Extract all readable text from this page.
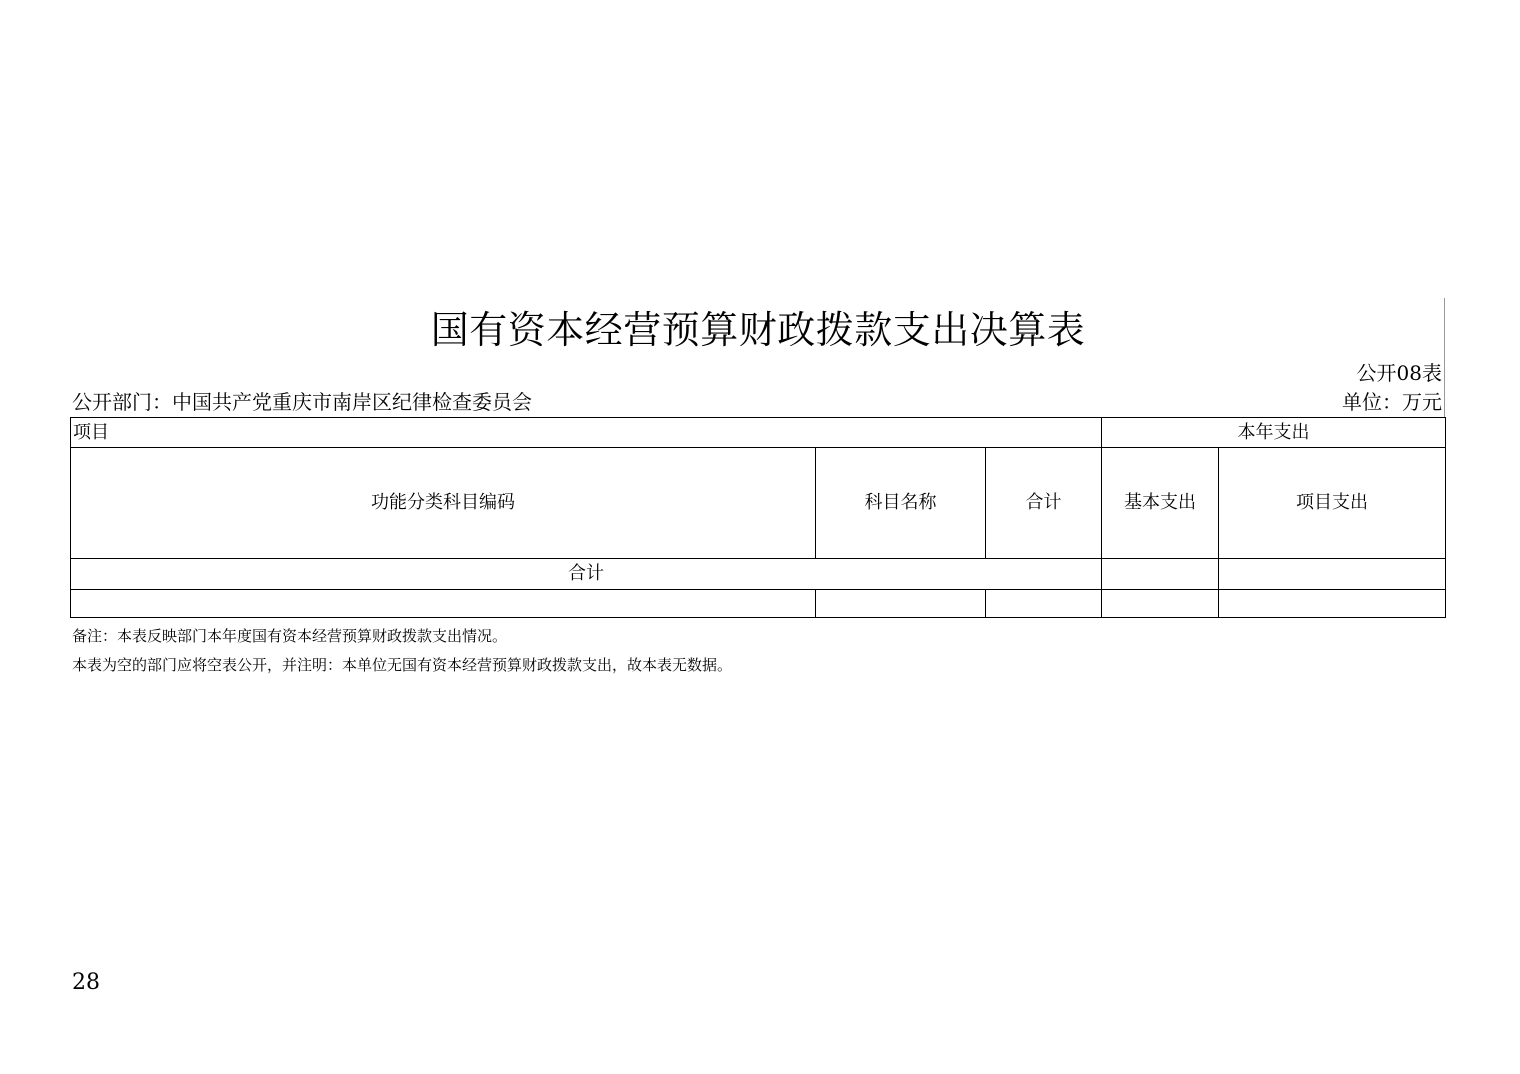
国有资本经营预算财政拨款支出决算表
公开08表
公开部门：中国共产党重庆市南岸区纪律检查委员会	单位：万元
项目			本年支出	
功能分类科目编码	科目名称	合计	基本支出	项目支出
合计				

备注：本表反映部门本年度国有资本经营预算财政拨款支出情况。
本表为空的部门应将空表公开，并注明：本单位无国有资本经营预算财政拨款支出，故本表无数据。
28
